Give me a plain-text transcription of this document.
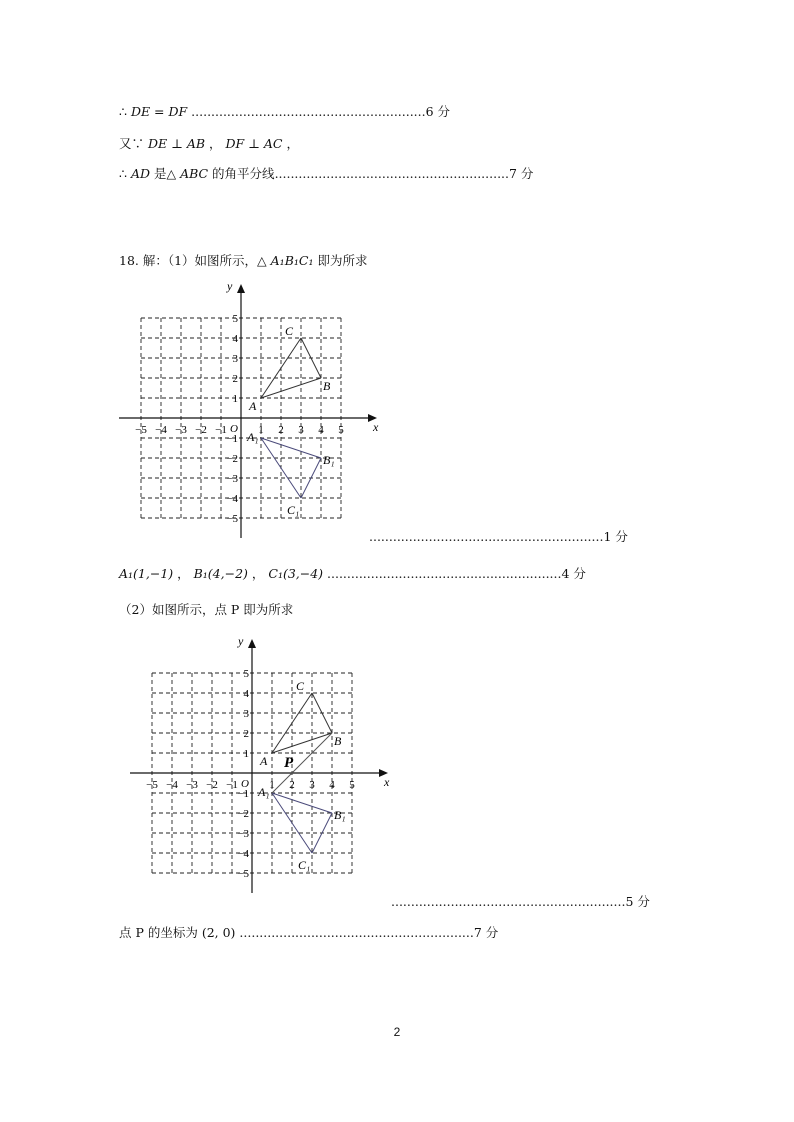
∴ DE = DF ...........................................................6 分
又∵ DE ⊥ AB ， DF ⊥ AC ，
∴ AD 是△ ABC 的角平分线...........................................................7 分
18. 解：（1）如图所示，△ A₁B₁C₁ 即为所求
x
y
O
−5 −4 −3 −2 −1	1 2 3 4 5
5
4
3
2
1
−1
−2
−3
−4
−5
A
B
C
A₁
B₁
C₁
...........................................................1 分
A₁(1,−1) ， B₁(4,−2) ， C₁(3,−4) ...........................................................4 分
（2）如图所示，点 P 即为所求
x
y
O
−5 −4 −3 −2 −1	1 2 3 4 5
5
4
3
2
1
−1
−2
−3
−4
−5
A
B
C
A₁
B₁
C₁
P
...........................................................5 分
点 P 的坐标为 (2, 0) ...........................................................7 分
2
